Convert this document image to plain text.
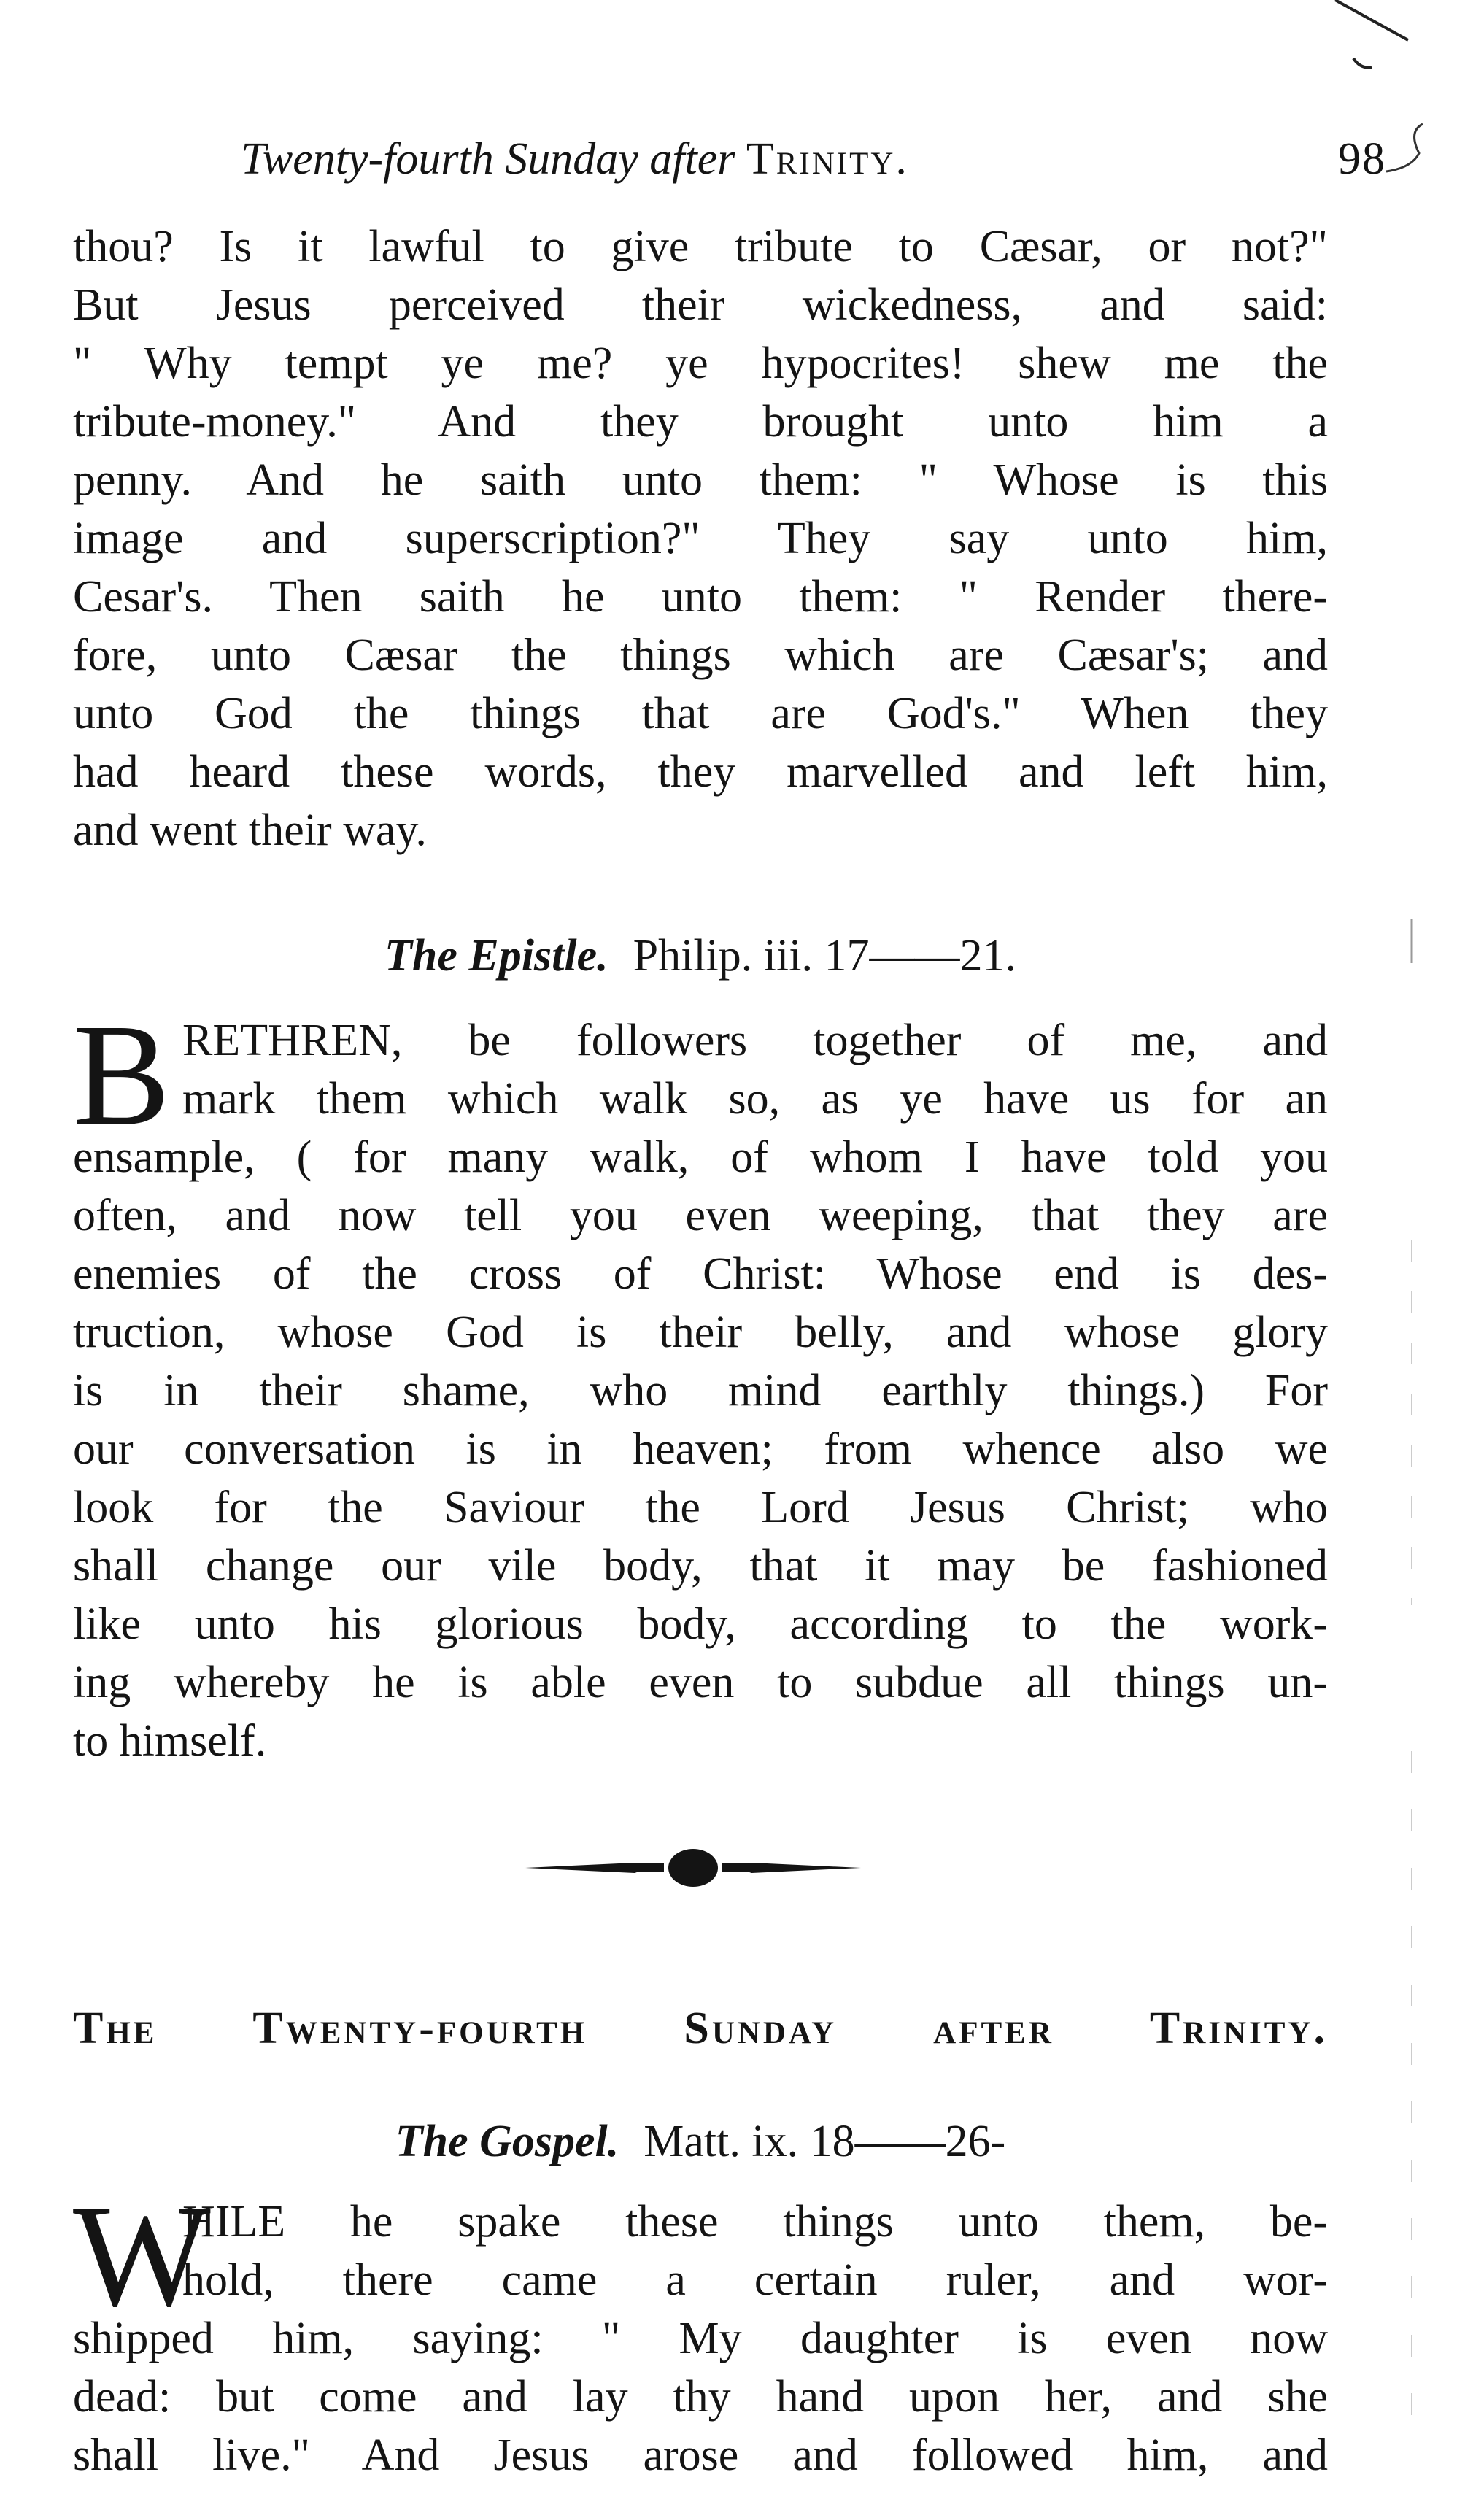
Twenty-fourth Sunday after Trinity.	98
thou? Is it lawful to give tribute to Cæsar, or not?"
But Jesus perceived their wickedness, and said:
" Why tempt ye me? ye hypocrites! shew me the
tribute-money." And they brought unto him a
penny. And he saith unto them: " Whose is this
image and superscription?" They say unto him,
Cesar's. Then saith he unto them: " Render there-
fore, unto Cæsar the things which are Cæsar's; and
unto God the things that are God's." When they
had heard these words, they marvelled and left him,
and went their way.
The Epistle. Philip. iii. 17——21.
B RETHREN, be followers together of me, and
mark them which walk so, as ye have us for an
ensample, ( for many walk, of whom I have told you
often, and now tell you even weeping, that they are
enemies of the cross of Christ: Whose end is des-
truction, whose God is their belly, and whose glory
is in their shame, who mind earthly things.) For
our conversation is in heaven; from whence also we
look for the Saviour the Lord Jesus Christ; who
shall change our vile body, that it may be fashioned
like unto his glorious body, according to the work-
ing whereby he is able even to subdue all things un-
to himself.
The Twenty-fourth Sunday after Trinity.
The Gospel. Matt. ix. 18——26-
W
HILE he spake these things unto them, be-
hold, there came a certain ruler, and wor-
shipped him, saying: " My daughter is even now
dead: but come and lay thy hand upon her, and she
shall live." And Jesus arose and followed him, and
